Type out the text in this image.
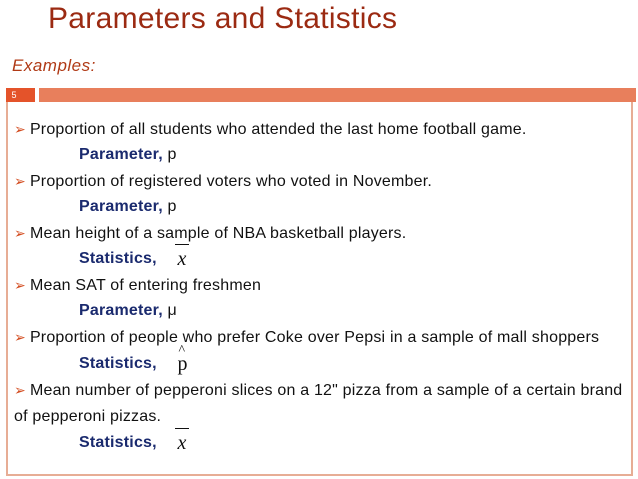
Parameters and Statistics
Examples:
5
➢ Proportion of all students who attended the last home football game.
Parameter, p
➢ Proportion of registered voters who voted in November.
Parameter, p
➢ Mean height of a sample of NBA basketball players.
Statistics, x
➢ Mean SAT of entering freshmen
Parameter, μ
➢ Proportion of people who prefer Coke over Pepsi in a sample of mall shoppers
Statistics, ^ p
➢ Mean number of pepperoni slices on a 12" pizza from a sample of a certain brand of pepperoni pizzas.
Statistics, x
